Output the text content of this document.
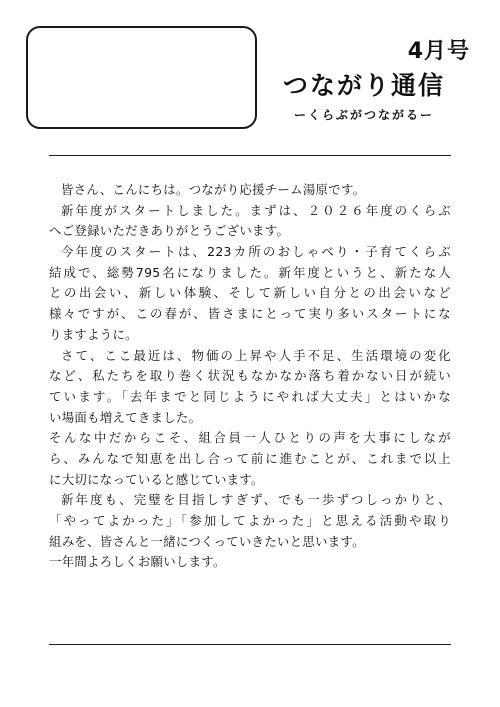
4月号
つながり通信
ーくらぶがつながるー
皆さん、こんにちは。つながり応援チーム湯原です。
新年度がスタートしました。まずは、２０２６年度のくらぶ
へご登録いただきありがとうございます。
今年度のスタートは、223カ所のおしゃべり・子育てくらぶ
結成で、総勢795名になりました。新年度というと、新たな人
との出会い、新しい体験、そして新しい自分との出会いなど
様々ですが、この春が、皆さまにとって実り多いスタートにな
りますように。
さて、ここ最近は、物価の上昇や人手不足、生活環境の変化
など、私たちを取り巻く状況もなかなか落ち着かない日が続い
ています。「去年までと同じようにやれば大丈夫」とはいかな
い場面も増えてきました。
そんな中だからこそ、組合員一人ひとりの声を大事にしなが
ら、みんなで知恵を出し合って前に進むことが、これまで以上
に大切になっていると感じています。
新年度も、完璧を目指しすぎず、でも一歩ずつしっかりと、
「やってよかった」「参加してよかった」と思える活動や取り
組みを、皆さんと一緒につくっていきたいと思います。
一年間よろしくお願いします。
